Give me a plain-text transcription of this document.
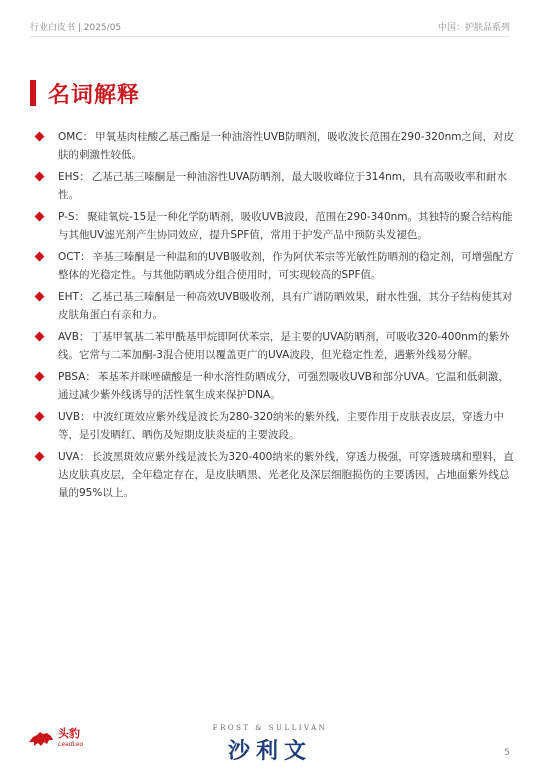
行业白皮书 | 2025/05	中国：护肤品系列
名词解释
OMC： 甲氧基肉桂酸乙基己酯是一种油溶性UVB防晒剂，吸收波长范围在290-320nm之间，对皮肤的刺激性较低。
EHS： 乙基己基三嗪酮是一种油溶性UVA防晒剂，最大吸收峰位于314nm，具有高吸收率和耐水性。
P-S： 聚硅氧烷-15是一种化学防晒剂，吸收UVB波段，范围在290-340nm。其独特的聚合结构能与其他UV滤光剂产生协同效应，提升SPF值，常用于护发产品中预防头发褪色。
OCT： 辛基三嗪酮是一种温和的UVB吸收剂，作为阿伏苯宗等光敏性防晒剂的稳定剂，可增强配方整体的光稳定性。与其他防晒成分组合使用时，可实现较高的SPF值。
EHT： 乙基己基三嗪酮是一种高效UVB吸收剂，具有广谱防晒效果，耐水性强，其分子结构使其对皮肤角蛋白有亲和力。
AVB： 丁基甲氧基二苯甲酰基甲烷即阿伏苯宗，是主要的UVA防晒剂，可吸收320-400nm的紫外线。它常与二苯加酮-3混合使用以覆盖更广的UVA波段，但光稳定性差，遇紫外线易分解。
PBSA： 苯基苯并咪唑磺酸是一种水溶性防晒成分，可强烈吸收UVB和部分UVA。它温和低刺激，通过减少紫外线诱导的活性氧生成来保护DNA。
UVB： 中波红斑效应紫外线是波长为280-320纳米的紫外线，主要作用于皮肤表皮层，穿透力中等，是引发晒红、晒伤及短期皮肤炎症的主要波段。
UVA： 长波黑斑效应紫外线是波长为320-400纳米的紫外线，穿透力极强，可穿透玻璃和塑料，直达皮肤真皮层，全年稳定存在，是皮肤晒黑、光老化及深层细胞损伤的主要诱因，占地面紫外线总量的95%以上。
头豹
LeadLeo
FROST & SULLIVAN
沙利文	5
